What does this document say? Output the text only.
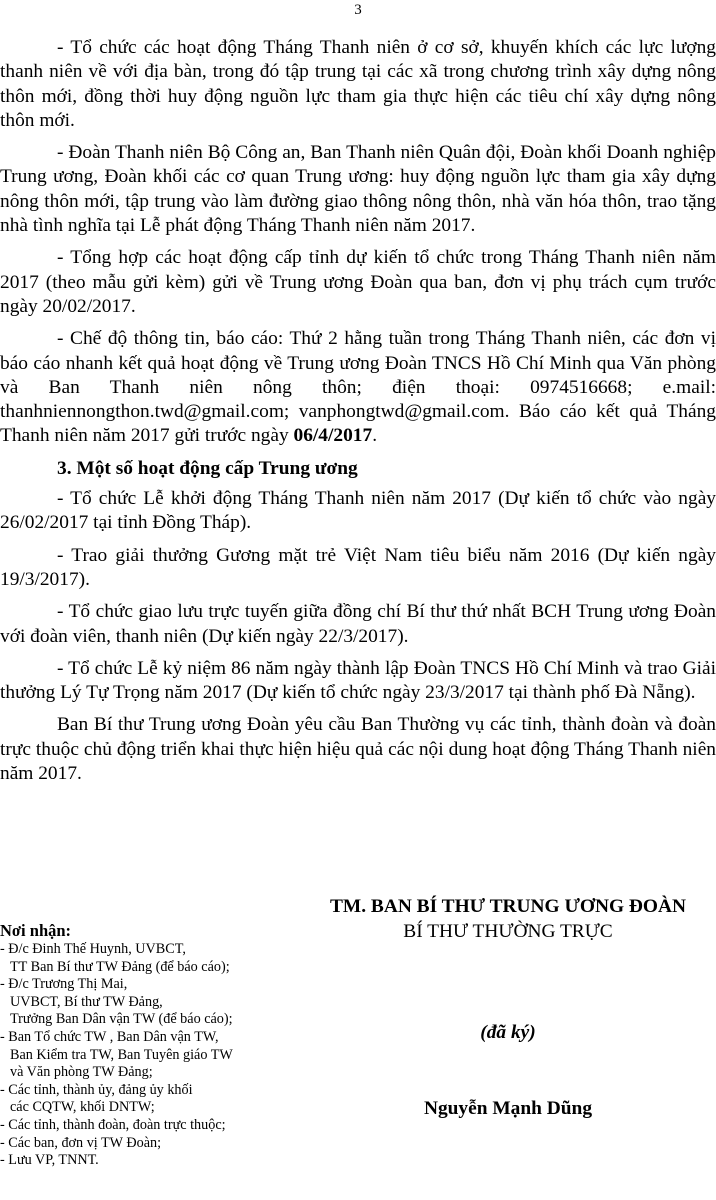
3

- Tổ chức các hoạt động Tháng Thanh niên ở cơ sở, khuyến khích các lực lượng thanh niên về với địa bàn, trong đó tập trung tại các xã trong chương trình xây dựng nông thôn mới, đồng thời huy động nguồn lực tham gia thực hiện các tiêu chí xây dựng nông thôn mới.

- Đoàn Thanh niên Bộ Công an, Ban Thanh niên Quân đội, Đoàn khối Doanh nghiệp Trung ương, Đoàn khối các cơ quan Trung ương: huy động nguồn lực tham gia xây dựng nông thôn mới, tập trung vào làm đường giao thông nông thôn, nhà văn hóa thôn, trao tặng nhà tình nghĩa tại Lễ phát động Tháng Thanh niên năm 2017.

- Tổng hợp các hoạt động cấp tỉnh dự kiến tổ chức trong Tháng Thanh niên năm 2017 (theo mẫu gửi kèm) gửi về Trung ương Đoàn qua ban, đơn vị phụ trách cụm trước ngày 20/02/2017.

- Chế độ thông tin, báo cáo: Thứ 2 hằng tuần trong Tháng Thanh niên, các đơn vị báo cáo nhanh kết quả hoạt động về Trung ương Đoàn TNCS Hồ Chí Minh qua Văn phòng và Ban Thanh niên nông thôn; điện thoại: 0974516668; e.mail: thanhniennongthon.twd@gmail.com; vanphongtwd@gmail.com. Báo cáo kết quả Tháng Thanh niên năm 2017 gửi trước ngày 06/4/2017.

3. Một số hoạt động cấp Trung ương

- Tổ chức Lễ khởi động Tháng Thanh niên năm 2017 (Dự kiến tổ chức vào ngày 26/02/2017 tại tỉnh Đồng Tháp).

- Trao giải thưởng Gương mặt trẻ Việt Nam tiêu biểu năm 2016 (Dự kiến ngày 19/3/2017).

- Tổ chức giao lưu trực tuyến giữa đồng chí Bí thư thứ nhất BCH Trung ương Đoàn với đoàn viên, thanh niên (Dự kiến ngày 22/3/2017).

- Tổ chức Lễ kỷ niệm 86 năm ngày thành lập Đoàn TNCS Hồ Chí Minh và trao Giải thưởng Lý Tự Trọng năm 2017 (Dự kiến tổ chức ngày 23/3/2017 tại thành phố Đà Nẵng).

Ban Bí thư Trung ương Đoàn yêu cầu Ban Thường vụ các tỉnh, thành đoàn và đoàn trực thuộc chủ động triển khai thực hiện hiệu quả các nội dung hoạt động Tháng Thanh niên năm 2017.

Nơi nhận:
- Đ/c Đinh Thế Huynh, UVBCT,
TT Ban Bí thư TW Đảng (để báo cáo);
- Đ/c Trương Thị Mai,
UVBCT, Bí thư TW Đảng,
Trưởng Ban Dân vận TW (để báo cáo);
- Ban Tổ chức TW , Ban Dân vận TW,
Ban Kiểm tra TW, Ban Tuyên giáo TW
và Văn phòng TW Đảng;
- Các tỉnh, thành ủy, đảng ủy khối
các CQTW, khối DNTW;
- Các tỉnh, thành đoàn, đoàn trực thuộc;
- Các ban, đơn vị TW Đoàn;
- Lưu VP, TNNT.
TM. BAN BÍ THƯ TRUNG ƯƠNG ĐOÀN
BÍ THƯ THƯỜNG TRỰC
(đã ký)
Nguyễn Mạnh Dũng
